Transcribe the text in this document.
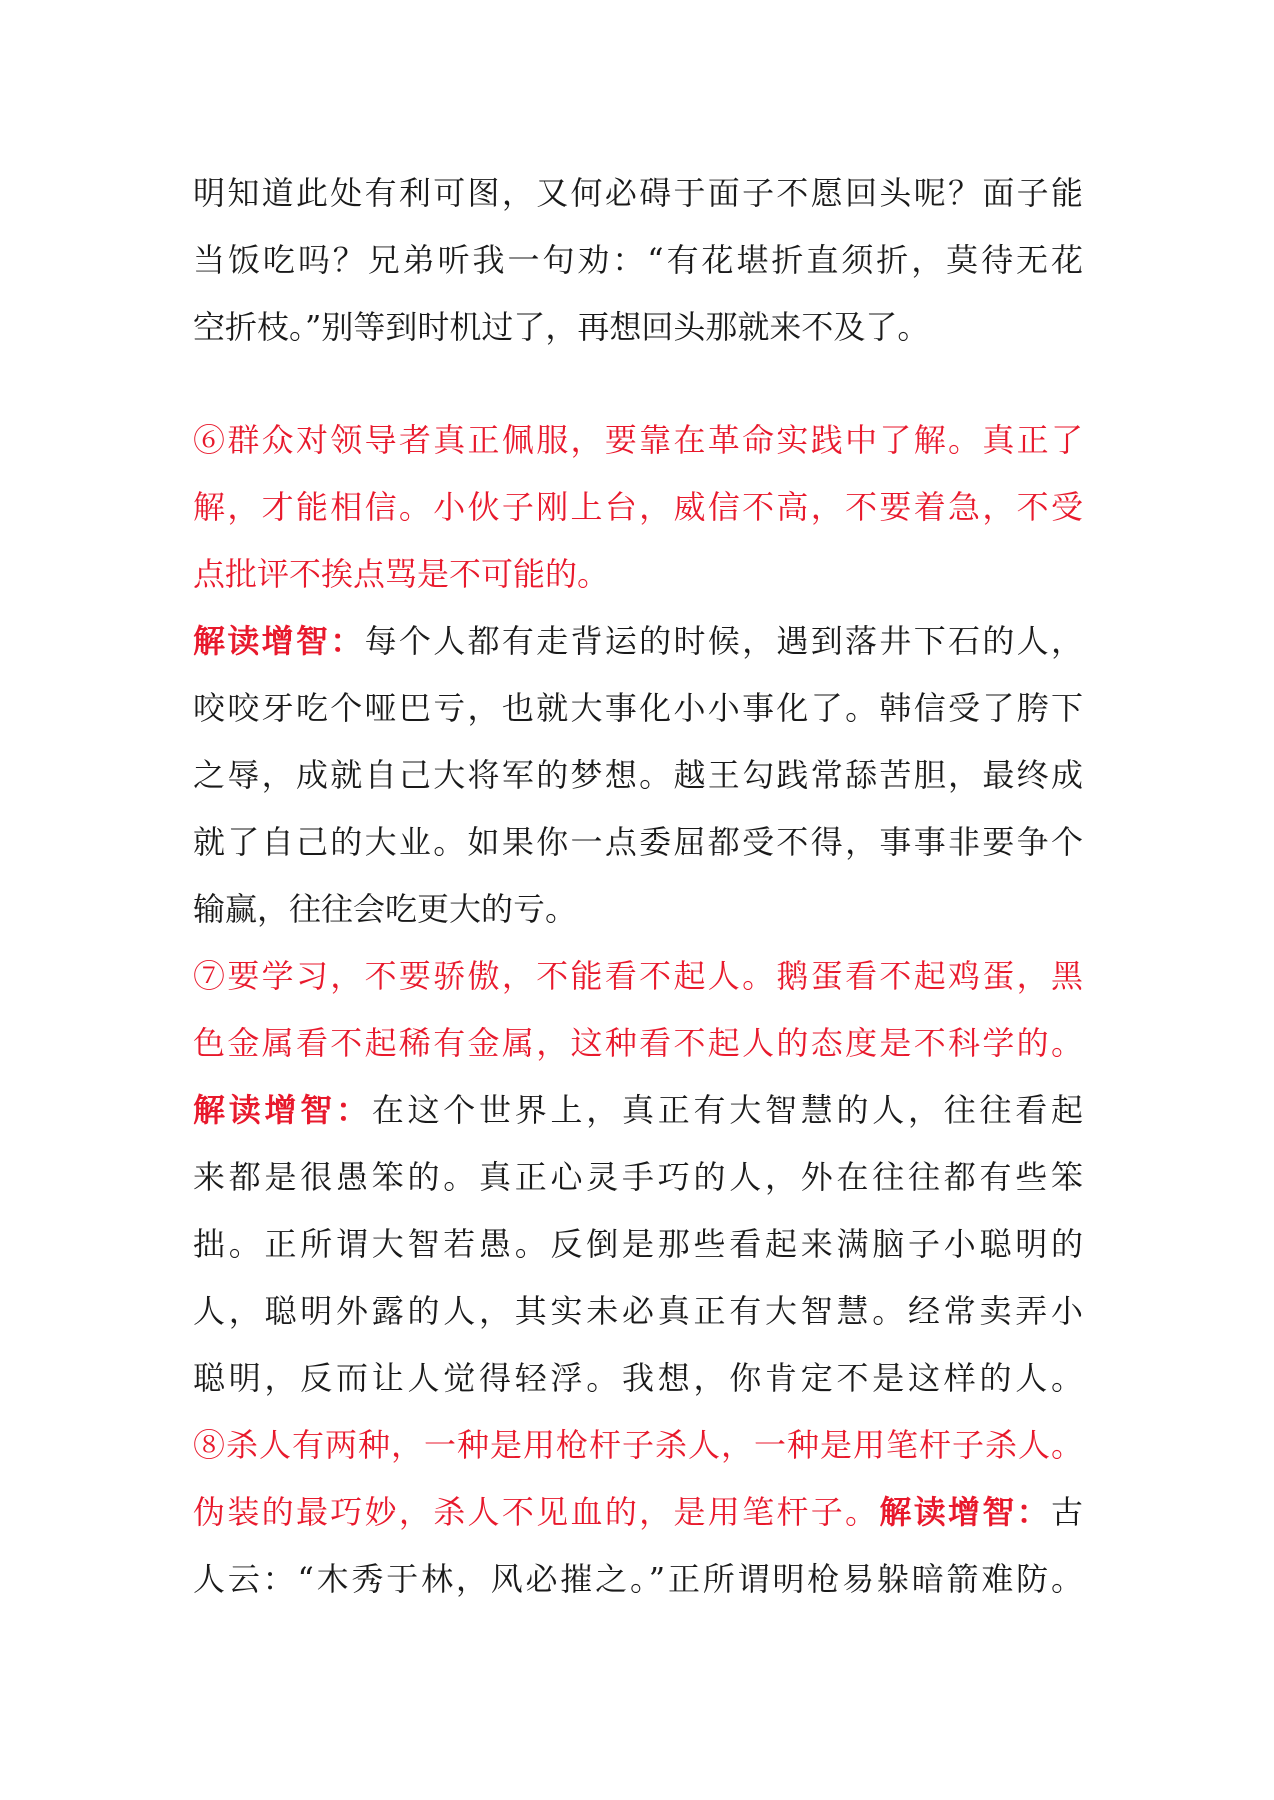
明知道此处有利可图，又何必碍于面子不愿回头呢？面子能
当饭吃吗？兄弟听我一句劝：“有花堪折直须折，莫待无花
空折枝。”别等到时机过了，再想回头那就来不及了。
⑥群众对领导者真正佩服，要靠在革命实践中了解。真正了
解，才能相信。小伙子刚上台，威信不高，不要着急，不受
点批评不挨点骂是不可能的。
解读增智：每个人都有走背运的时候，遇到落井下石的人，
咬咬牙吃个哑巴亏，也就大事化小小事化了。韩信受了胯下
之辱，成就自己大将军的梦想。越王勾践常舔苦胆，最终成
就了自己的大业。如果你一点委屈都受不得，事事非要争个
输赢，往往会吃更大的亏。
⑦要学习，不要骄傲，不能看不起人。鹅蛋看不起鸡蛋，黑
色金属看不起稀有金属，这种看不起人的态度是不科学的。
解读增智：在这个世界上，真正有大智慧的人，往往看起
来都是很愚笨的。真正心灵手巧的人，外在往往都有些笨
拙。正所谓大智若愚。反倒是那些看起来满脑子小聪明的
人，聪明外露的人，其实未必真正有大智慧。经常卖弄小
聪明，反而让人觉得轻浮。我想，你肯定不是这样的人。
⑧杀人有两种，一种是用枪杆子杀人，一种是用笔杆子杀人。
伪装的最巧妙，杀人不见血的，是用笔杆子。解读增智：古
人云：“木秀于林，风必摧之。”正所谓明枪易躲暗箭难防。
